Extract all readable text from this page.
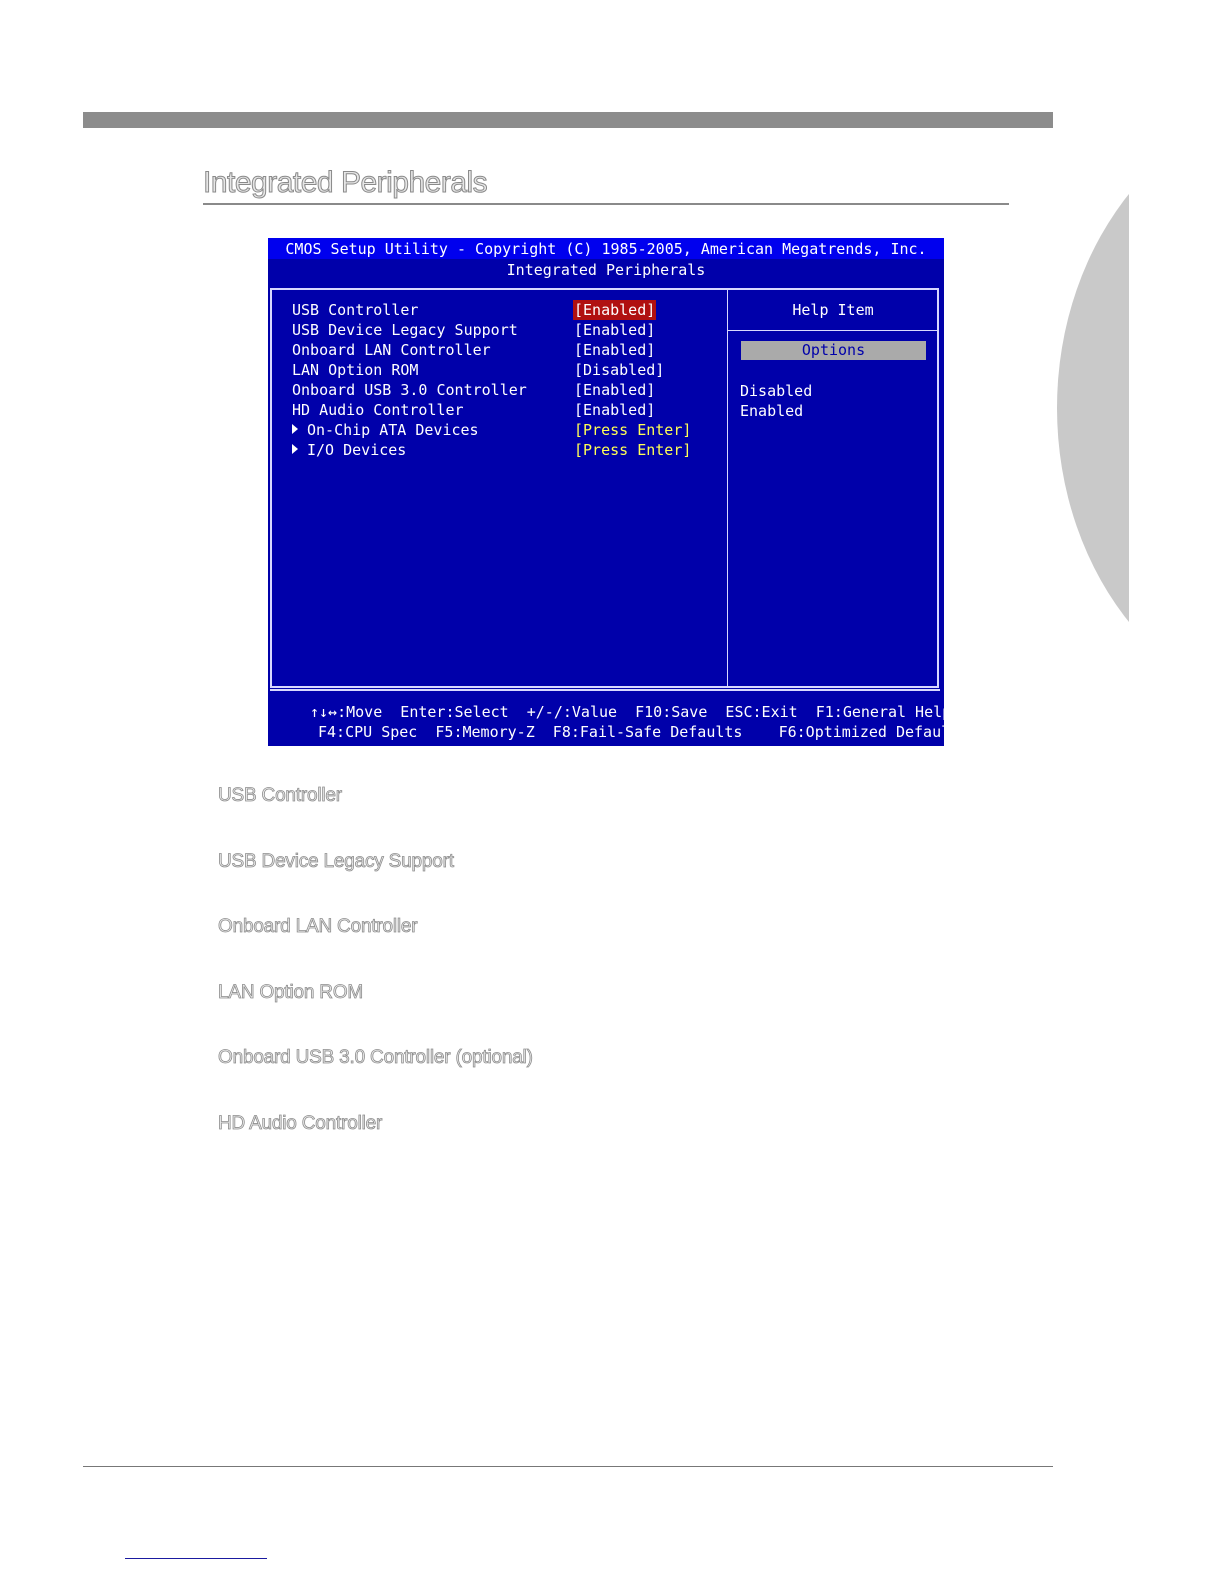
Integrated Peripherals
CMOS Setup Utility - Copyright (C) 1985-2005, American Megatrends, Inc.
Integrated Peripherals
USB Controller	[Enabled]
USB Device Legacy Support	[Enabled]
Onboard LAN Controller	[Enabled]
LAN Option ROM	[Disabled]
Onboard USB 3.0 Controller	[Enabled]
HD Audio Controller	[Enabled]
On-Chip ATA Devices	[Press Enter]
I/O Devices	[Press Enter]
Help Item
Options
Disabled
Enabled
↑↓↔:Move  Enter:Select  +/-/:Value  F10:Save  ESC:Exit  F1:General Help
F4:CPU Spec  F5:Memory-Z  F8:Fail-Safe Defaults    F6:Optimized Defaults
USB Controller
USB Device Legacy Support
Onboard LAN Controller
LAN Option ROM
Onboard USB 3.0 Controller (optional)
HD Audio Controller
